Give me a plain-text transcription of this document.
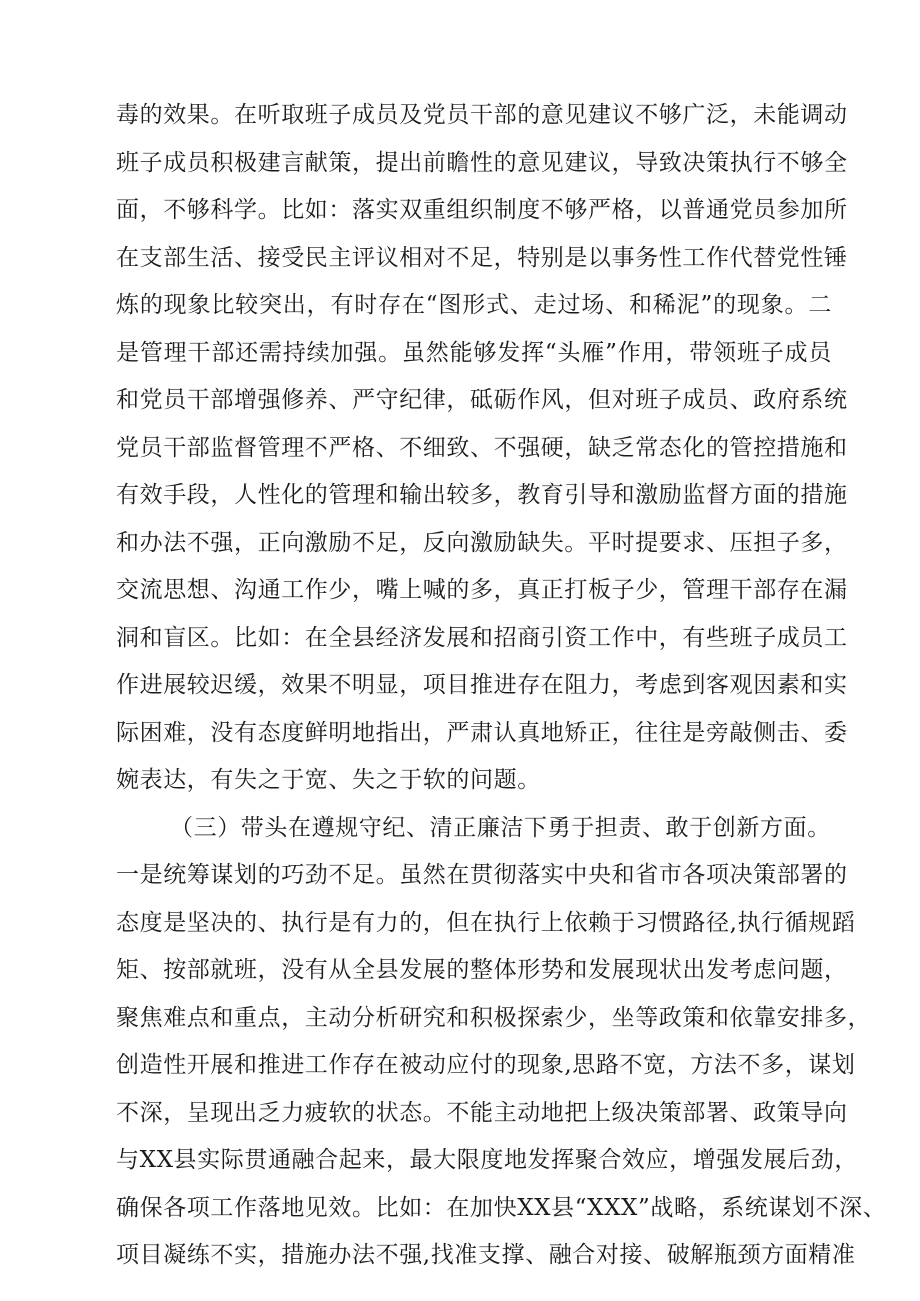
毒的效果。在听取班子成员及党员干部的意见建议不够广泛，未能调动
班子成员积极建言献策，提出前瞻性的意见建议，导致决策执行不够全
面，不够科学。比如：落实双重组织制度不够严格，以普通党员参加所
在支部生活、接受民主评议相对不足，特别是以事务性工作代替党性锤
炼的现象比较突出，有时存在“图形式、走过场、和稀泥”的现象。二
是管理干部还需持续加强。虽然能够发挥“头雁”作用，带领班子成员
和党员干部增强修养、严守纪律，砥砺作风，但对班子成员、政府系统
党员干部监督管理不严格、不细致、不强硬，缺乏常态化的管控措施和
有效手段，人性化的管理和输出较多，教育引导和激励监督方面的措施
和办法不强，正向激励不足，反向激励缺失。平时提要求、压担子多，
交流思想、沟通工作少，嘴上喊的多，真正打板子少，管理干部存在漏
洞和盲区。比如：在全县经济发展和招商引资工作中，有些班子成员工
作进展较迟缓，效果不明显，项目推进存在阻力，考虑到客观因素和实
际困难，没有态度鲜明地指出，严肃认真地矫正，往往是旁敲侧击、委
婉表达，有失之于宽、失之于软的问题。
（三）带头在遵规守纪、清正廉洁下勇于担责、敢于创新方面。
一是统筹谋划的巧劲不足。虽然在贯彻落实中央和省市各项决策部署的
态度是坚决的、执行是有力的，但在执行上依赖于习惯路径,执行循规蹈
矩、按部就班，没有从全县发展的整体形势和发展现状出发考虑问题，
聚焦难点和重点，主动分析研究和积极探索少，坐等政策和依靠安排多，
创造性开展和推进工作存在被动应付的现象,思路不宽，方法不多，谋划
不深，呈现出乏力疲软的状态。不能主动地把上级决策部署、政策导向
与XX县实际贯通融合起来，最大限度地发挥聚合效应，增强发展后劲，
确保各项工作落地见效。比如：在加快XX县“XXX”战略，系统谋划不深、
项目凝练不实，措施办法不强,找准支撑、融合对接、破解瓶颈方面精准
